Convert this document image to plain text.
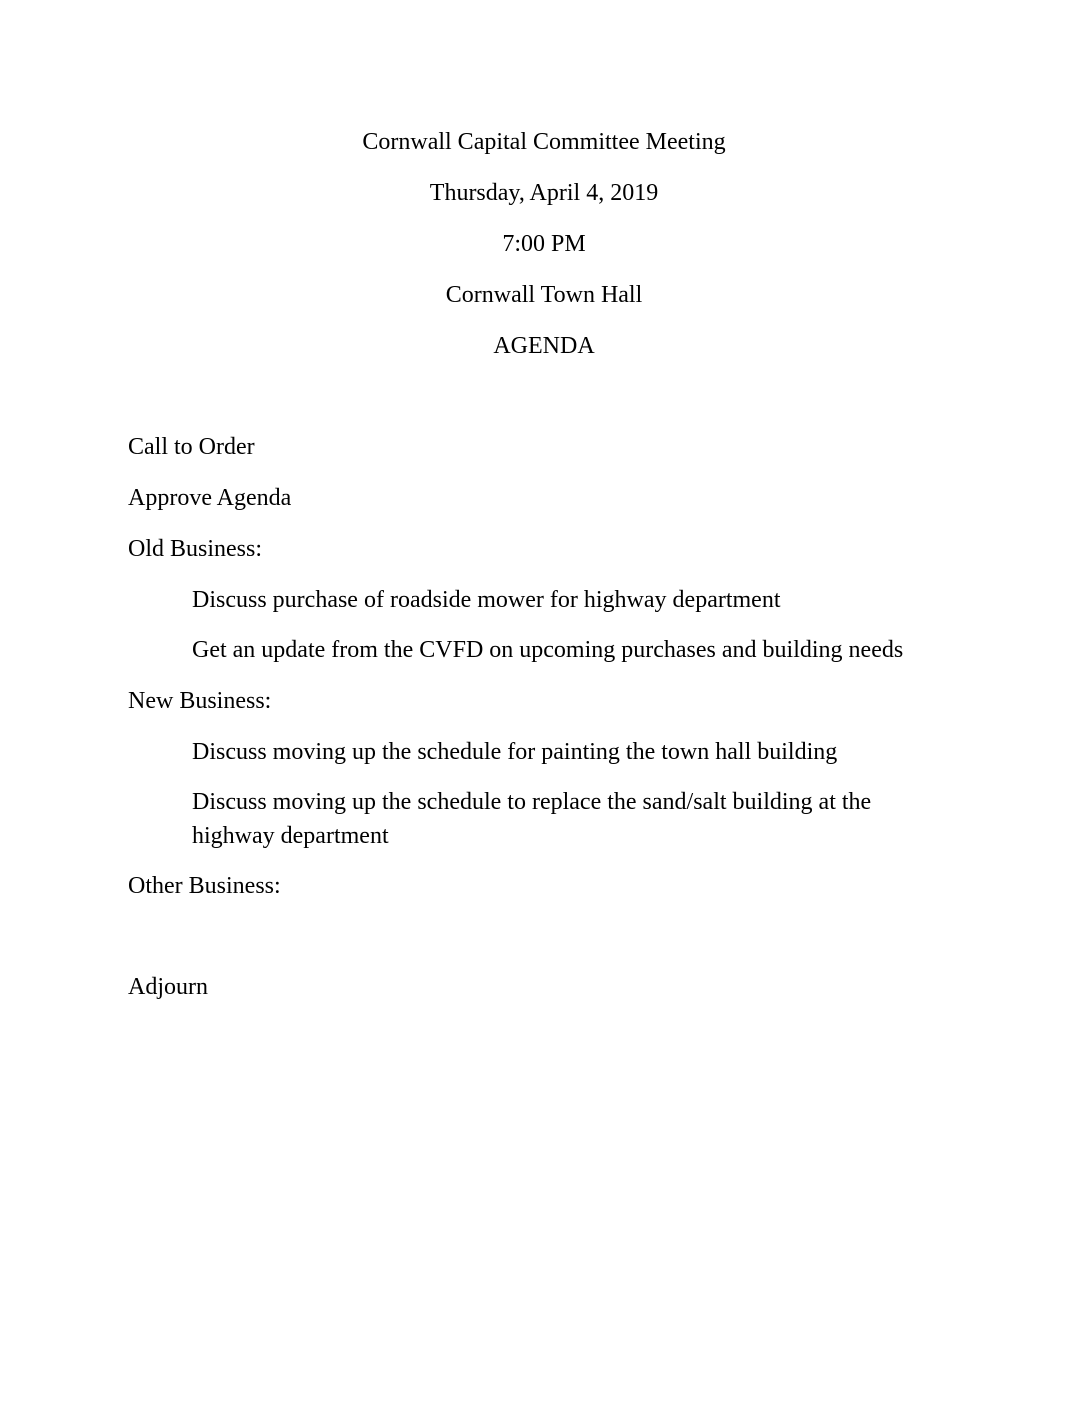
Cornwall Capital Committee Meeting
Thursday, April 4, 2019
7:00 PM
Cornwall Town Hall
AGENDA
Call to Order
Approve Agenda
Old Business:
Discuss purchase of roadside mower for highway department
Get an update from the CVFD on upcoming purchases and building needs
New Business:
Discuss moving up the schedule for painting the town hall building
Discuss moving up the schedule to replace the sand/salt building at the highway department
Other Business:
Adjourn
